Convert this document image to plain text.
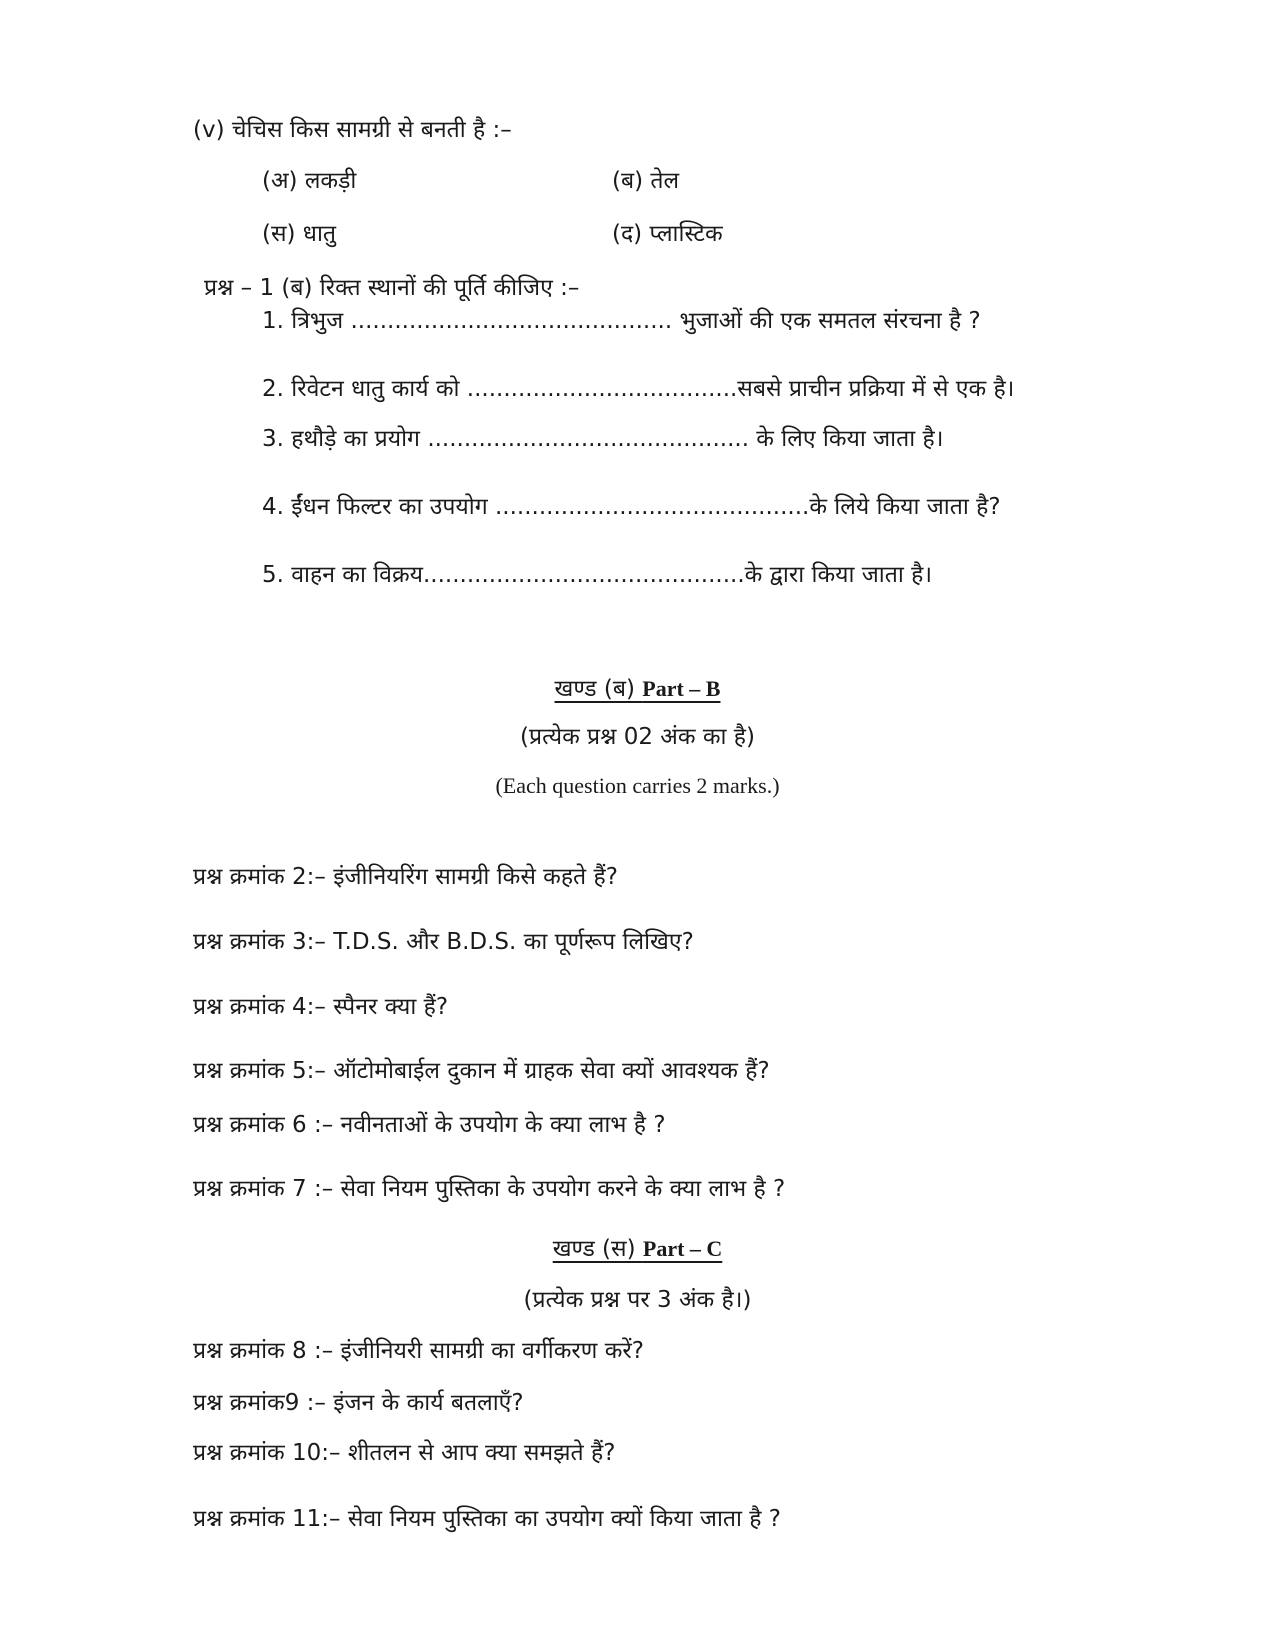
(v) चेचिस किस सामग्री से बनती है :–
(अ) लकड़ी	(ब) तेल
(स) धातु	(द) प्लास्टिक
प्रश्न – 1 (ब) रिक्त स्थानों की पूर्ति कीजिए :–
1. त्रिभुज ............................................ भुजाओं की एक समतल संरचना है ?
2. रिवेटन धातु कार्य को .....................................सबसे प्राचीन प्रक्रिया में से एक है।
3. हथौड़े का प्रयोग ............................................ के लिए किया जाता है।
4. ईंधन फिल्टर का उपयोग ...........................................के लिये किया जाता है?
5. वाहन का विक्रय............................................के द्वारा किया जाता है।
खण्ड (ब) Part – B
(प्रत्येक प्रश्न 02 अंक का है)
(Each question carries 2 marks.)
प्रश्न क्रमांक 2:– इंजीनियरिंग सामग्री किसे कहते हैं?
प्रश्न क्रमांक 3:– T.D.S. और B.D.S. का पूर्णरूप लिखिए?
प्रश्न क्रमांक 4:– स्पैनर क्या हैं?
प्रश्न क्रमांक 5:– ऑटोमोबाईल दुकान में ग्राहक सेवा क्यों आवश्यक हैं?
प्रश्न क्रमांक 6 :– नवीनताओं के उपयोग के क्या लाभ है ?
प्रश्न क्रमांक 7 :– सेवा नियम पुस्तिका के उपयोग करने के क्या लाभ है ?
खण्ड (स) Part – C
(प्रत्येक प्रश्न पर 3 अंक है।)
प्रश्न क्रमांक 8 :– इंजीनियरी सामग्री का वर्गीकरण करें?
प्रश्न क्रमांक9 :– इंजन के कार्य बतलाएँ?
प्रश्न क्रमांक 10:– शीतलन से आप क्या समझते हैं?
प्रश्न क्रमांक 11:– सेवा नियम पुस्तिका का उपयोग क्यों किया जाता है ?
